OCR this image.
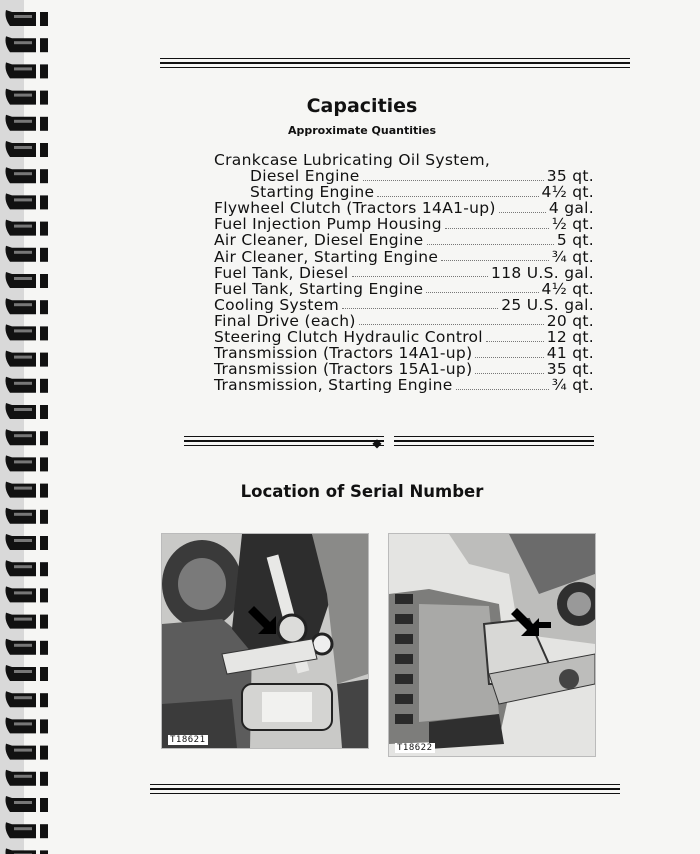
Capacities
Approximate Quantities
Crankcase Lubricating Oil System,
Diesel Engine	35 qt.
Starting Engine	4½ qt.
Flywheel Clutch (Tractors 14A1-up)	4 gal.
Fuel Injection Pump Housing	½ qt.
Air Cleaner, Diesel Engine	5 qt.
Air Cleaner, Starting Engine	¾ qt.
Fuel Tank, Diesel	118 U.S. gal.
Fuel Tank, Starting Engine	4½ qt.
Cooling System	25 U.S. gal.
Final Drive (each)	20 qt.
Steering Clutch Hydraulic Control	12 qt.
Transmission (Tractors 14A1-up)	41 qt.
Transmission (Tractors 15A1-up)	35 qt.
Transmission, Starting Engine	¾ qt.
◆
Location of Serial Number
T18621
T18622
